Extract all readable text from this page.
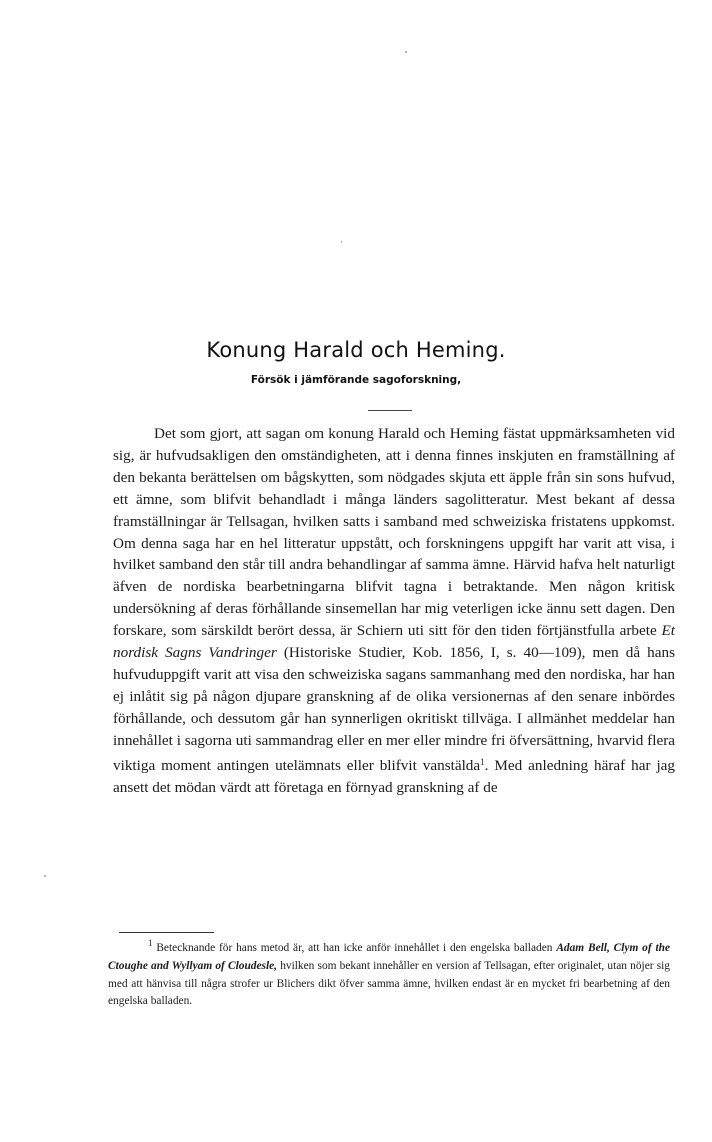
Konung Harald och Heming.
Försök i jämförande sagoforskning,

Det som gjort, att sagan om konung Harald och Heming fästat uppmärksamheten vid sig, är hufvudsakligen den omständigheten, att i denna finnes inskjuten en framställning af den bekanta berättelsen om bågskytten, som nödgades skjuta ett äpple från sin sons hufvud, ett ämne, som blifvit behandladt i många länders sagolitteratur. Mest bekant af dessa framställningar är Tellsagan, hvilken satts i samband med schweiziska fristatens uppkomst. Om denna saga har en hel litteratur uppstått, och forskningens uppgift har varit att visa, i hvilket samband den står till andra behandlingar af samma ämne. Härvid hafva helt naturligt äfven de nordiska bearbetningarna blifvit tagna i betraktande. Men någon kritisk undersökning af deras förhållande sinsemellan har mig veterligen icke ännu sett dagen. Den forskare, som särskildt berört dessa, är Schiern uti sitt för den tiden förtjänstfulla arbete Et nordisk Sagns Vandringer (Historiske Studier, Kob. 1856, I, s. 40—109), men då hans hufvuduppgift varit att visa den schweiziska sagans sammanhang med den nordiska, har han ej inlåtit sig på någon djupare granskning af de olika versionernas af den senare inbördes förhållande, och dessutom går han synnerligen okritiskt tillväga. I allmänhet meddelar han innehållet i sagorna uti sammandrag eller en mer eller mindre fri öfversättning, hvarvid flera viktiga moment antingen utelämnats eller blifvit vanstälda$^1$. Med anledning häraf har jag ansett det mödan värdt att företaga en förnyad granskning af de

$^1$ Betecknande för hans metod är, att han icke anför innehållet i den engelska balladen Adam Bell, Clym of the Ctoughe and Wyllyam of Cloudesle, hvilken som bekant innehåller en version af Tellsagan, efter originalet, utan nöjer sig med att hänvisa till några strofer ur Blichers dikt öfver samma ämne, hvilken endast är en mycket fri bearbetning af den engelska balladen.
